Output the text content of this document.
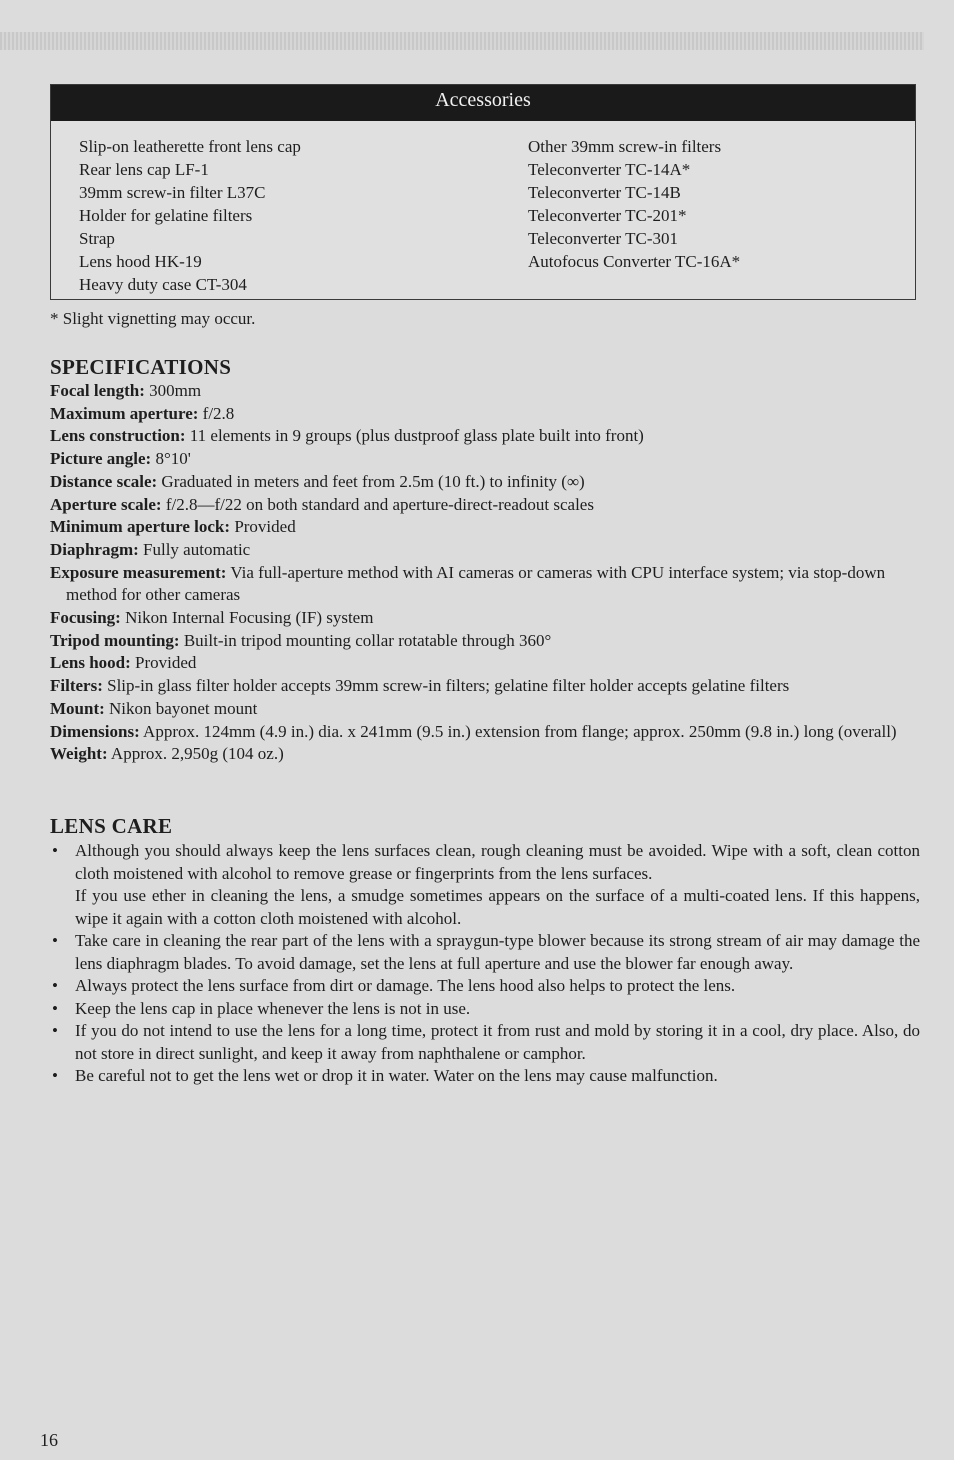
Accessories
Slip-on leatherette front lens cap
Rear lens cap LF-1
39mm screw-in filter L37C
Holder for gelatine filters
Strap
Lens hood HK-19
Heavy duty case CT-304
Other 39mm screw-in filters
Teleconverter TC-14A*
Teleconverter TC-14B
Teleconverter TC-201*
Teleconverter TC-301
Autofocus Converter TC-16A*
* Slight vignetting may occur.
SPECIFICATIONS
Focal length: 300mm
Maximum aperture: f/2.8
Lens construction: 11 elements in 9 groups (plus dustproof glass plate built into front)
Picture angle: 8°10'
Distance scale: Graduated in meters and feet from 2.5m (10 ft.) to infinity (∞)
Aperture scale: f/2.8—f/22 on both standard and aperture-direct-readout scales
Minimum aperture lock: Provided
Diaphragm: Fully automatic
Exposure measurement: Via full-aperture method with AI cameras or cameras with CPU interface system; via stop-down method for other cameras
Focusing: Nikon Internal Focusing (IF) system
Tripod mounting: Built-in tripod mounting collar rotatable through 360°
Lens hood: Provided
Filters: Slip-in glass filter holder accepts 39mm screw-in filters; gelatine filter holder accepts gelatine filters
Mount: Nikon bayonet mount
Dimensions: Approx. 124mm (4.9 in.) dia. x 241mm (9.5 in.) extension from flange; approx. 250mm (9.8 in.) long (overall)
Weight: Approx. 2,950g (104 oz.)
LENS CARE
• Although you should always keep the lens surfaces clean, rough cleaning must be avoided. Wipe with a soft, clean cotton cloth moistened with alcohol to remove grease or fingerprints from the lens surfaces.

If you use ether in cleaning the lens, a smudge sometimes appears on the surface of a multi-coated lens. If this happens, wipe it again with a cotton cloth moistened with alcohol.

• Take care in cleaning the rear part of the lens with a spraygun-type blower because its strong stream of air may damage the lens diaphragm blades. To avoid damage, set the lens at full aperture and use the blower far enough away.

• Always protect the lens surface from dirt or damage. The lens hood also helps to protect the lens.

• Keep the lens cap in place whenever the lens is not in use.

• If you do not intend to use the lens for a long time, protect it from rust and mold by storing it in a cool, dry place. Also, do not store in direct sunlight, and keep it away from naphthalene or camphor.

• Be careful not to get the lens wet or drop it in water. Water on the lens may cause malfunction.

16
